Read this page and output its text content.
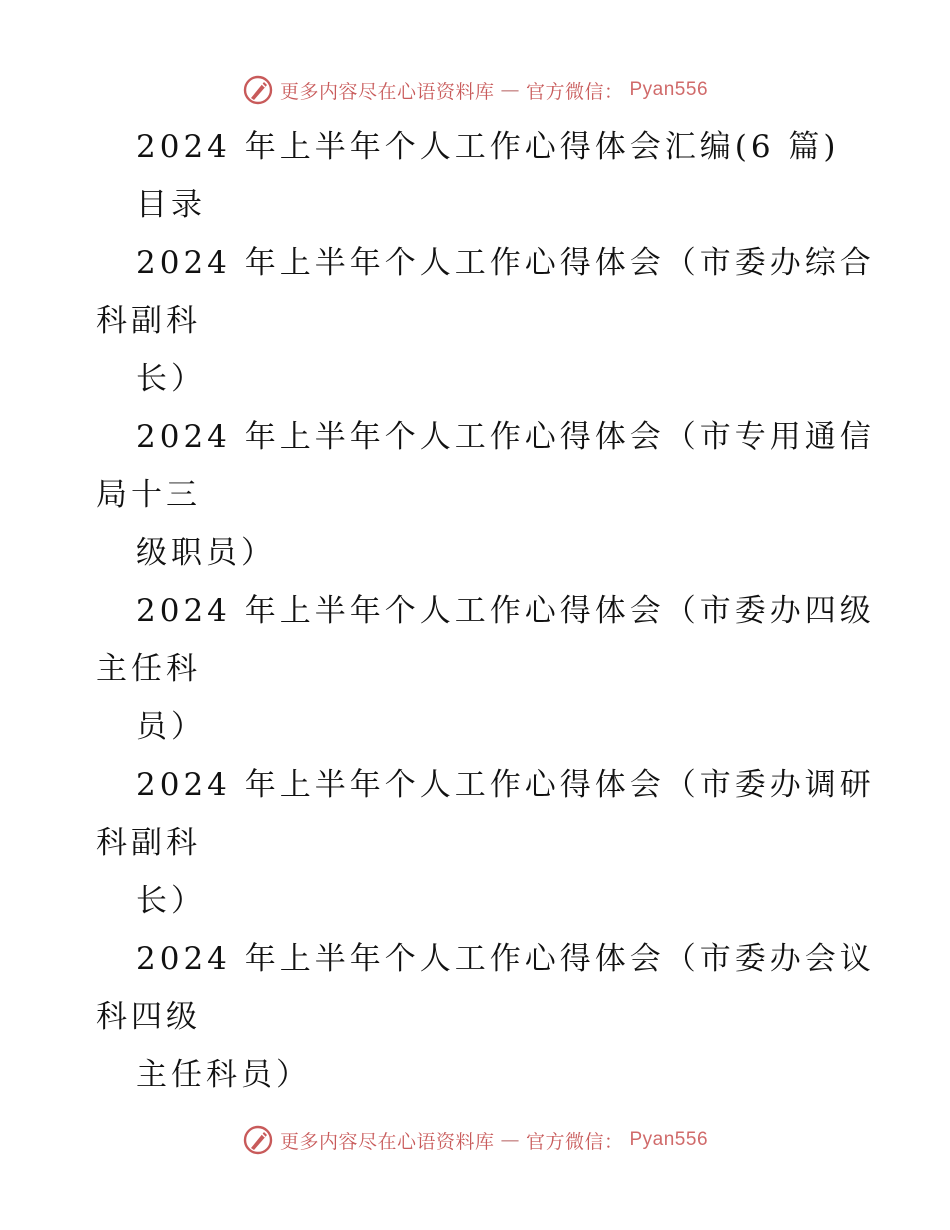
更多内容尽在心语资料库 — 官方微信： Pyan556
2024 年上半年个人工作心得体会汇编(6 篇)
目录
2024 年上半年个人工作心得体会（市委办综合
科副科
长）
2024 年上半年个人工作心得体会（市专用通信
局十三
级职员）
2024 年上半年个人工作心得体会（市委办四级
主任科
员）
2024 年上半年个人工作心得体会（市委办调研
科副科
长）
2024 年上半年个人工作心得体会（市委办会议
科四级
主任科员）
更多内容尽在心语资料库 — 官方微信： Pyan556
